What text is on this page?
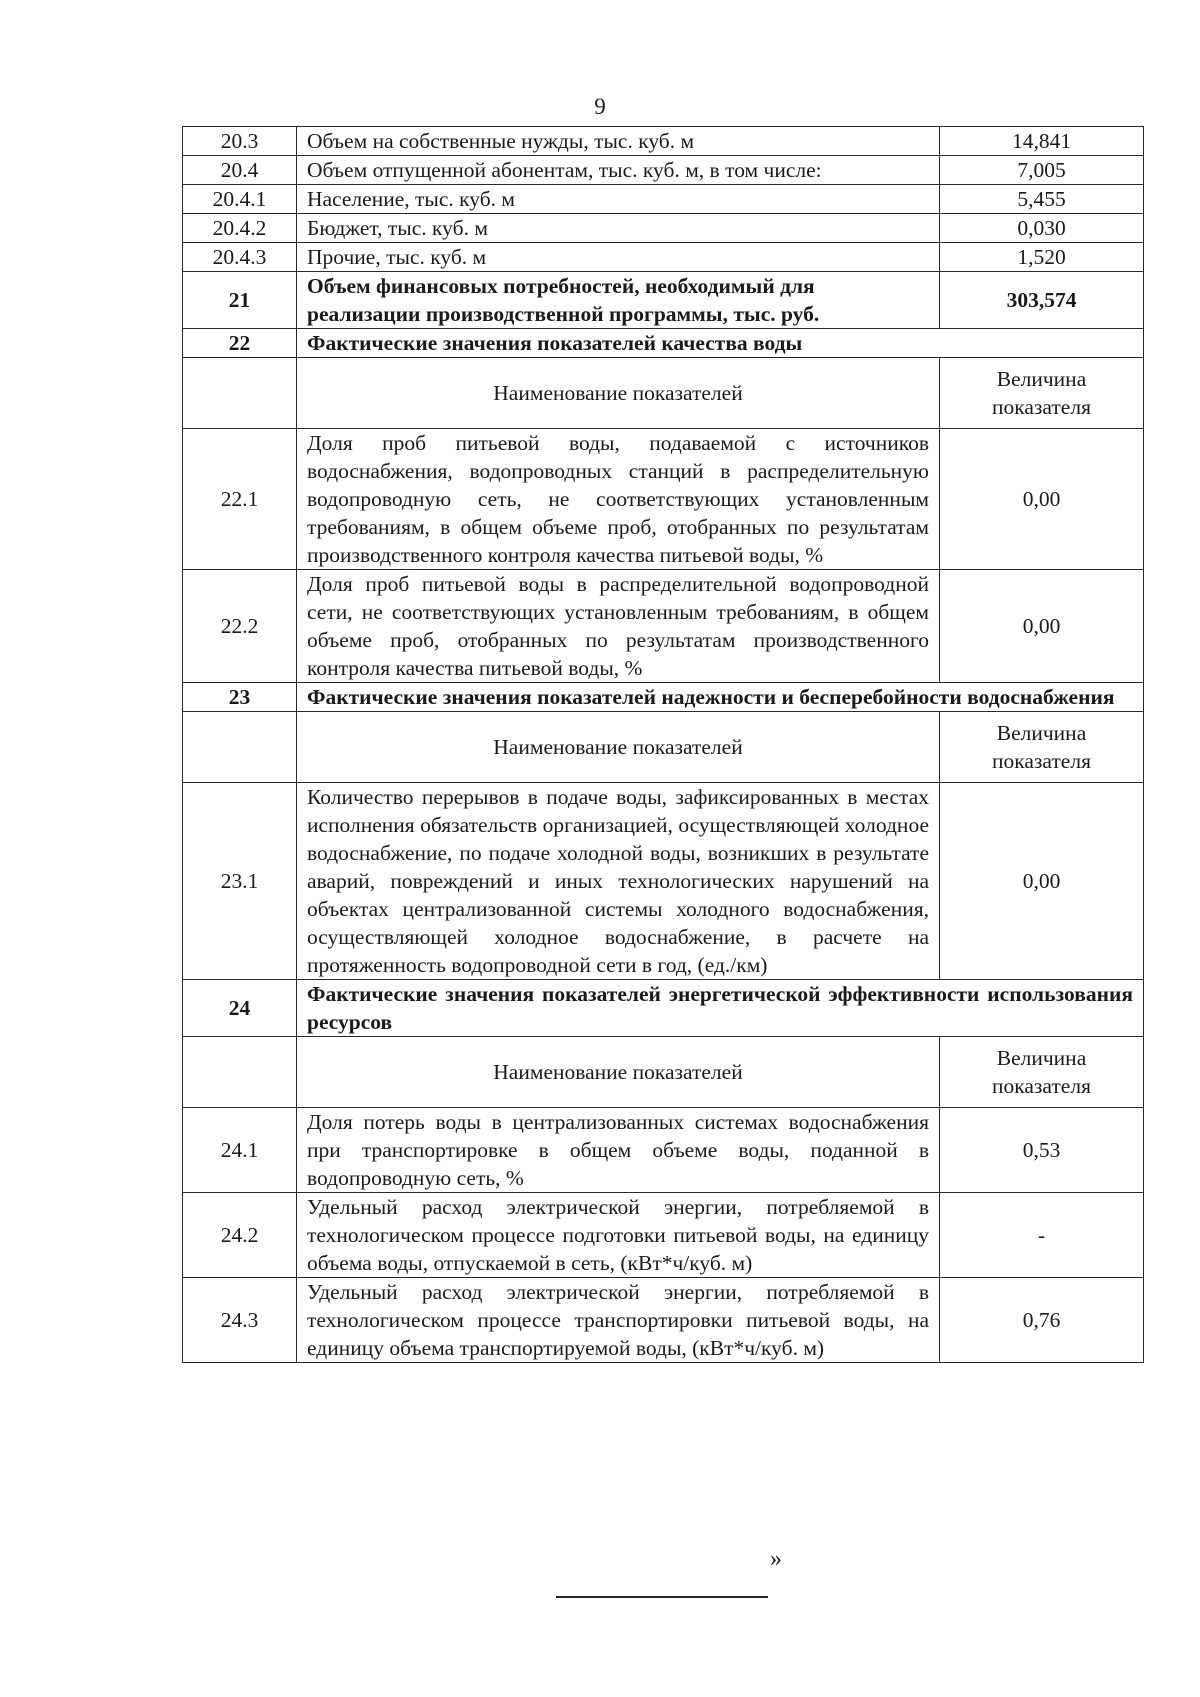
9
20.3	Объем на собственные нужды, тыс. куб. м	14,841
20.4	Объем отпущенной абонентам, тыс. куб. м, в том числе:	7,005
20.4.1	Население, тыс. куб. м	5,455
20.4.2	Бюджет, тыс. куб. м	0,030
20.4.3	Прочие, тыс. куб. м	1,520
21	Объем финансовых потребностей, необходимый для реализации производственной программы, тыс. руб.	303,574
22	Фактические значения показателей качества воды	
	Наименование показателей	Величина показателя
22.1	Доля проб питьевой воды, подаваемой с источников водоснабжения, водопроводных станций в распределительную водопроводную сеть, не соответствующих установленным требованиям, в общем объеме проб, отобранных по результатам производственного контроля качества питьевой воды, %	0,00
22.2	Доля проб питьевой воды в распределительной водопроводной сети, не соответствующих установленным требованиям, в общем объеме проб, отобранных по результатам производственного контроля качества питьевой воды, %	0,00
23	Фактические значения показателей надежности и бесперебойности водоснабжения	
	Наименование показателей	Величина показателя
23.1	Количество перерывов в подаче воды, зафиксированных в местах исполнения обязательств организацией, осуществляющей холодное водоснабжение, по подаче холодной воды, возникших в результате аварий, повреждений и иных технологических нарушений на объектах централизованной системы холодного водоснабжения, осуществляющей холодное водоснабжение, в расчете на протяженность водопроводной сети в год, (ед./км)	0,00
24	Фактические значения показателей энергетической эффективности использования ресурсов	
	Наименование показателей	Величина показателя
24.1	Доля потерь воды в централизованных системах водоснабжения при транспортировке в общем объеме воды, поданной в водопроводную сеть, %	0,53
24.2	Удельный расход электрической энергии, потребляемой в технологическом процессе подготовки питьевой воды, на единицу объема воды, отпускаемой в сеть, (кВт*ч/куб. м)	-
24.3	Удельный расход электрической энергии, потребляемой в технологическом процессе транспортировки питьевой воды, на единицу объема транспортируемой воды, (кВт*ч/куб. м)	0,76
»
